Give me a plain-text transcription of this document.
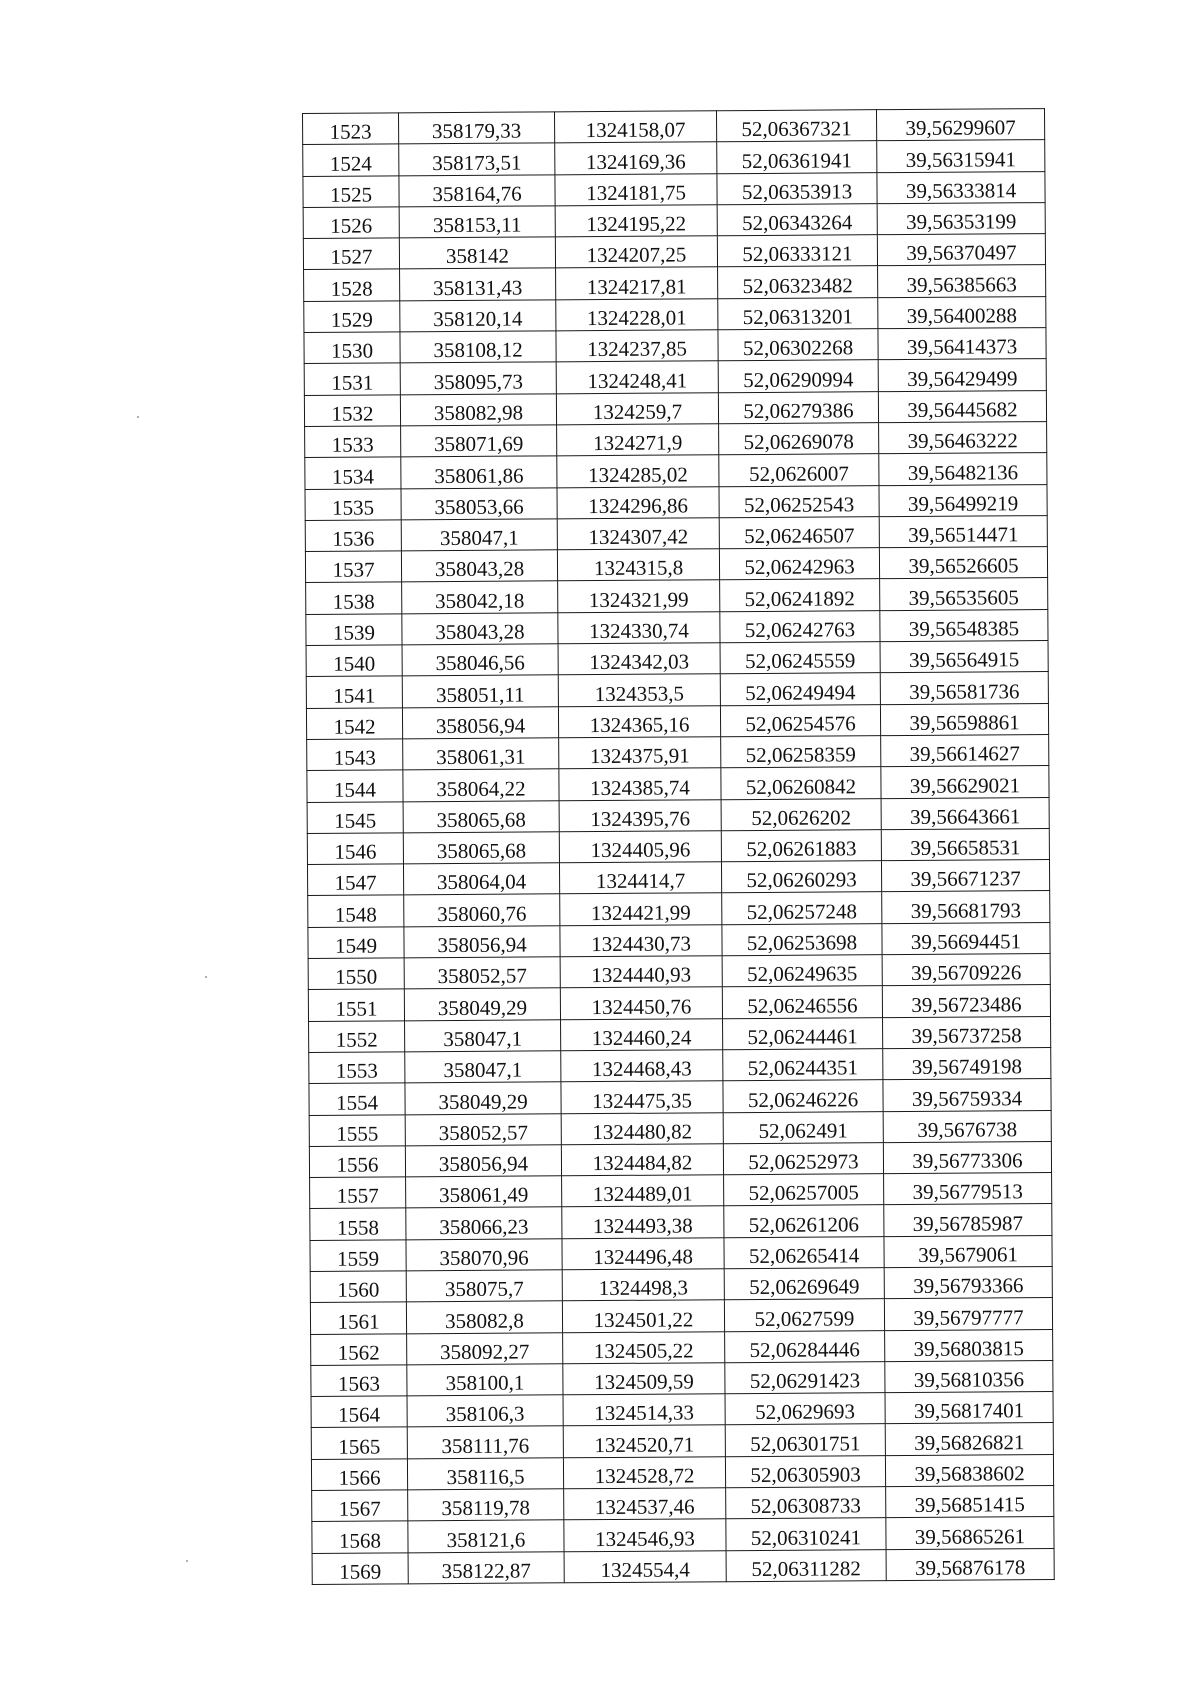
1523	358179,33	1324158,07	52,06367321	39,56299607
1524	358173,51	1324169,36	52,06361941	39,56315941
1525	358164,76	1324181,75	52,06353913	39,56333814
1526	358153,11	1324195,22	52,06343264	39,56353199
1527	358142	1324207,25	52,06333121	39,56370497
1528	358131,43	1324217,81	52,06323482	39,56385663
1529	358120,14	1324228,01	52,06313201	39,56400288
1530	358108,12	1324237,85	52,06302268	39,56414373
1531	358095,73	1324248,41	52,06290994	39,56429499
1532	358082,98	1324259,7	52,06279386	39,56445682
1533	358071,69	1324271,9	52,06269078	39,56463222
1534	358061,86	1324285,02	52,0626007	39,56482136
1535	358053,66	1324296,86	52,06252543	39,56499219
1536	358047,1	1324307,42	52,06246507	39,56514471
1537	358043,28	1324315,8	52,06242963	39,56526605
1538	358042,18	1324321,99	52,06241892	39,56535605
1539	358043,28	1324330,74	52,06242763	39,56548385
1540	358046,56	1324342,03	52,06245559	39,56564915
1541	358051,11	1324353,5	52,06249494	39,56581736
1542	358056,94	1324365,16	52,06254576	39,56598861
1543	358061,31	1324375,91	52,06258359	39,56614627
1544	358064,22	1324385,74	52,06260842	39,56629021
1545	358065,68	1324395,76	52,0626202	39,56643661
1546	358065,68	1324405,96	52,06261883	39,56658531
1547	358064,04	1324414,7	52,06260293	39,56671237
1548	358060,76	1324421,99	52,06257248	39,56681793
1549	358056,94	1324430,73	52,06253698	39,56694451
1550	358052,57	1324440,93	52,06249635	39,56709226
1551	358049,29	1324450,76	52,06246556	39,56723486
1552	358047,1	1324460,24	52,06244461	39,56737258
1553	358047,1	1324468,43	52,06244351	39,56749198
1554	358049,29	1324475,35	52,06246226	39,56759334
1555	358052,57	1324480,82	52,062491	39,5676738
1556	358056,94	1324484,82	52,06252973	39,56773306
1557	358061,49	1324489,01	52,06257005	39,56779513
1558	358066,23	1324493,38	52,06261206	39,56785987
1559	358070,96	1324496,48	52,06265414	39,5679061
1560	358075,7	1324498,3	52,06269649	39,56793366
1561	358082,8	1324501,22	52,0627599	39,56797777
1562	358092,27	1324505,22	52,06284446	39,56803815
1563	358100,1	1324509,59	52,06291423	39,56810356
1564	358106,3	1324514,33	52,0629693	39,56817401
1565	358111,76	1324520,71	52,06301751	39,56826821
1566	358116,5	1324528,72	52,06305903	39,56838602
1567	358119,78	1324537,46	52,06308733	39,56851415
1568	358121,6	1324546,93	52,06310241	39,56865261
1569	358122,87	1324554,4	52,06311282	39,56876178
